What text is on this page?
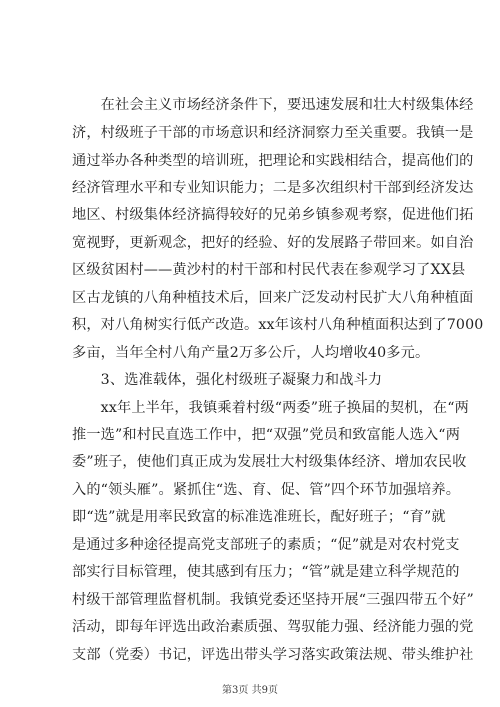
　　在社会主义市场经济条件下，要迅速发展和壮大村级集体经
济，村级班子干部的市场意识和经济洞察力至关重要。我镇一是
通过举办各种类型的培训班，把理论和实践相结合，提高他们的
经济管理水平和专业知识能力；二是多次组织村干部到经济发达
地区、村级集体经济搞得较好的兄弟乡镇参观考察，促进他们拓
宽视野，更新观念，把好的经验、好的发展路子带回来。如自治
区级贫困村——黄沙村的村干部和村民代表在参观学习了XX县
区古龙镇的八角种植技术后，回来广泛发动村民扩大八角种植面
积，对八角树实行低产改造。xx年该村八角种植面积达到了7000
多亩，当年全村八角产量2万多公斤，人均增收40多元。
　　3、选准载体，强化村级班子凝聚力和战斗力
　　xx年上半年，我镇乘着村级“两委”班子换届的契机，在“两
推一选”和村民直选工作中，把“双强”党员和致富能人选入“两
委”班子，使他们真正成为发展壮大村级集体经济、增加农民收
入的“领头雁”。紧抓住“选、育、促、管”四个环节加强培养。
即“选”就是用率民致富的标准选准班长，配好班子；“育”就
是通过多种途径提高党支部班子的素质；“促”就是对农村党支
部实行目标管理，使其感到有压力；“管”就是建立科学规范的
村级干部管理监督机制。我镇党委还坚持开展“三强四带五个好”
活动，即每年评选出政治素质强、驾驭能力强、经济能力强的党
支部（党委）书记，评选出带头学习落实政策法规、带头维护社
第3页 共9页
